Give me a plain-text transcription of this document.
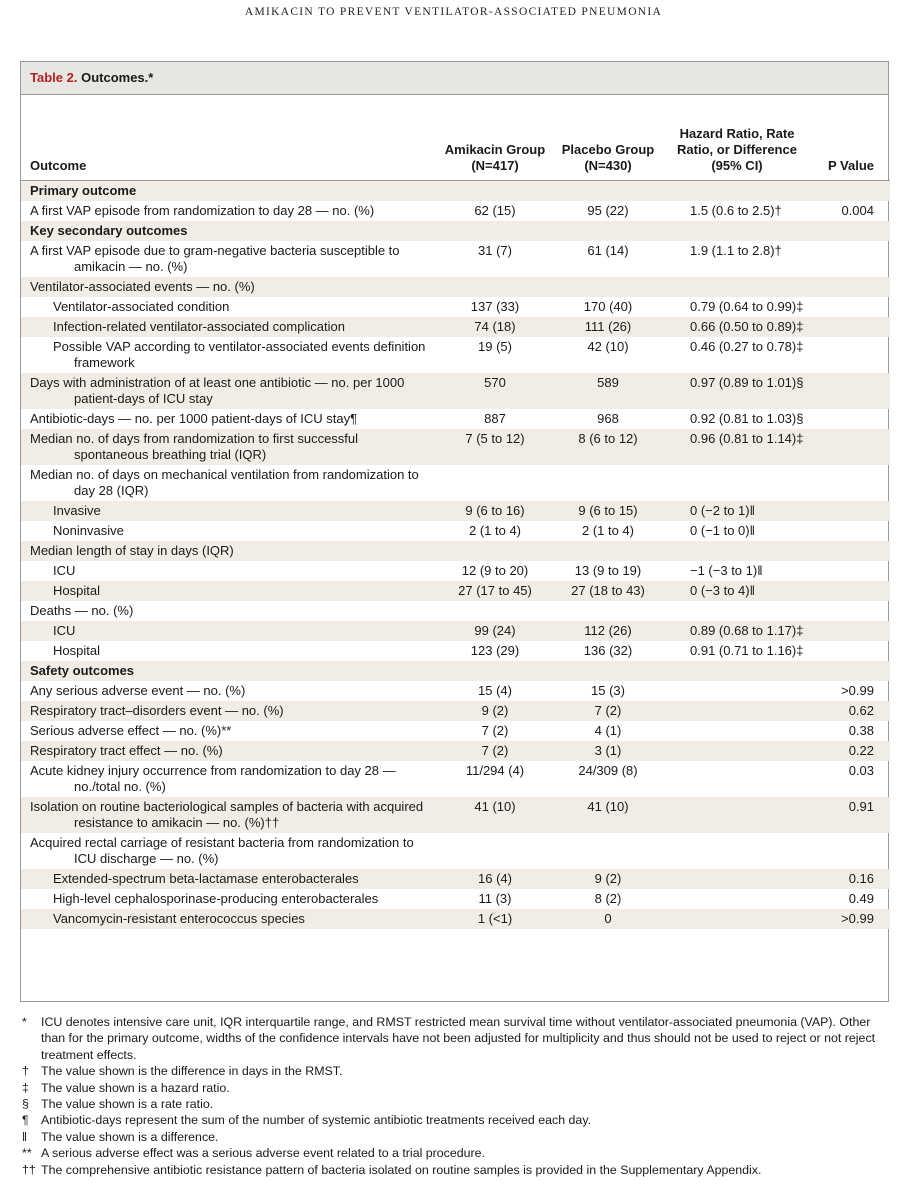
AMIKACIN TO PREVENT VENTILATOR-ASSOCIATED PNEUMONIA
Table 2. Outcomes.*
Outcome	Amikacin Group (N=417)	Placebo Group (N=430)	Hazard Ratio, Rate Ratio, or Difference (95% CI)	P Value

Primary outcome				

A first VAP episode from randomization to day 28 — no. (%)	62 (15)	95 (22)	1.5 (0.6 to 2.5)†	0.004

Key secondary outcomes				

A first VAP episode due to gram-negative bacteria susceptible to amikacin — no. (%)	31 (7)	61 (14)	1.9 (1.1 to 2.8)†	

Ventilator-associated events — no. (%)				

Ventilator-associated condition	137 (33)	170 (40)	0.79 (0.64 to 0.99)‡	

Infection-related ventilator-associated complication	74 (18)	111 (26)	0.66 (0.50 to 0.89)‡	

Possible VAP according to ventilator-associated events definition framework	19 (5)	42 (10)	0.46 (0.27 to 0.78)‡	

Days with administration of at least one antibiotic — no. per 1000 patient-days of ICU stay	570	589	0.97 (0.89 to 1.01)§	

Antibiotic-days — no. per 1000 patient-days of ICU stay¶	887	968	0.92 (0.81 to 1.03)§	

Median no. of days from randomization to first successful spontaneous breathing trial (IQR)	7 (5 to 12)	8 (6 to 12)	0.96 (0.81 to 1.14)‡	

Median no. of days on mechanical ventilation from randomization to day 28 (IQR)				

Invasive	9 (6 to 16)	9 (6 to 15)	0 (−2 to 1)‖	

Noninvasive	2 (1 to 4)	2 (1 to 4)	0 (−1 to 0)‖	

Median length of stay in days (IQR)				

ICU	12 (9 to 20)	13 (9 to 19)	−1 (−3 to 1)‖	

Hospital	27 (17 to 45)	27 (18 to 43)	0 (−3 to 4)‖	

Deaths — no. (%)				

ICU	99 (24)	112 (26)	0.89 (0.68 to 1.17)‡	

Hospital	123 (29)	136 (32)	0.91 (0.71 to 1.16)‡	

Safety outcomes				

Any serious adverse event — no. (%)	15 (4)	15 (3)		>0.99

Respiratory tract–disorders event — no. (%)	9 (2)	7 (2)		0.62

Serious adverse effect — no. (%)**	7 (2)	4 (1)		0.38

Respiratory tract effect — no. (%)	7 (2)	3 (1)		0.22

Acute kidney injury occurrence from randomization to day 28 — no./total no. (%)	11/294 (4)	24/309 (8)		0.03

Isolation on routine bacteriological samples of bacteria with acquired resistance to amikacin — no. (%)††	41 (10)	41 (10)		0.91

Acquired rectal carriage of resistant bacteria from randomization to ICU discharge — no. (%)				

Extended-spectrum beta-lactamase enterobacterales	16 (4)	9 (2)		0.16

High-level cephalosporinase-producing enterobacterales	11 (3)	8 (2)		0.49

Vancomycin-resistant enterococcus species	1 (<1)	0		>0.99
*	ICU denotes intensive care unit, IQR interquartile range, and RMST restricted mean survival time without ventilator-associated pneumonia (VAP). Other than for the primary outcome, widths of the confidence intervals have not been adjusted for multiplicity and thus should not be used to reject or not reject treatment effects.
† The value shown is the difference in days in the RMST.
‡ The value shown is a hazard ratio.
§ The value shown is a rate ratio.
¶ Antibiotic-days represent the sum of the number of systemic antibiotic treatments received each day.
‖	The value shown is a difference.
** A serious adverse effect was a serious adverse event related to a trial procedure.
†† The comprehensive antibiotic resistance pattern of bacteria isolated on routine samples is provided in the Supplementary Appendix.
